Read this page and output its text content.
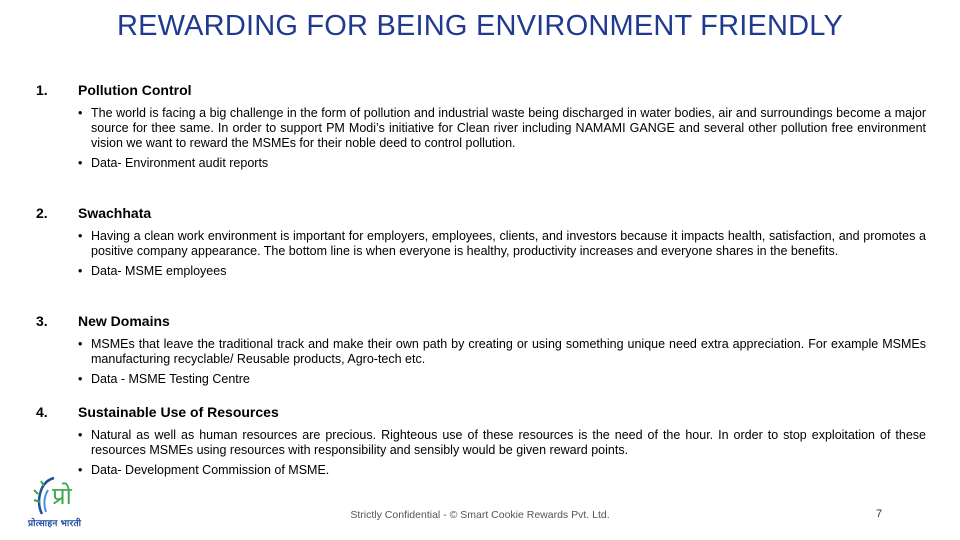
REWARDING FOR BEING ENVIRONMENT FRIENDLY
1. Pollution Control
• The world is facing a big challenge in the form of pollution and industrial waste being discharged in water bodies, air and surroundings become a major source for thee same. In order to support PM Modi’s initiative for Clean river including NAMAMI GANGE and several other pollution free environment vision we want to reward the MSMEs for their noble deed to control pollution.
• Data- Environment audit reports
2. Swachhata
• Having a clean work environment is important for employers, employees, clients, and investors because it impacts health, satisfaction, and promotes a positive company appearance. The bottom line is when everyone is healthy, productivity increases and everyone shares in the benefits.
• Data- MSME employees
3. New Domains
• MSMEs that leave the traditional track and make their own path by creating or using something unique need extra appreciation. For example MSMEs manufacturing recyclable/ Reusable products, Agro-tech etc.
• Data - MSME Testing Centre
4. Sustainable Use of Resources
• Natural as well as human resources are precious. Righteous use of these resources is the need of the hour. In order to stop exploitation of these resources MSMEs using resources with responsibility and sensibly would be given reward points.
• Data- Development Commission of MSME.
प्रो
प्रोत्साहन भारती
Strictly Confidential - © Smart Cookie Rewards Pvt. Ltd.	7
